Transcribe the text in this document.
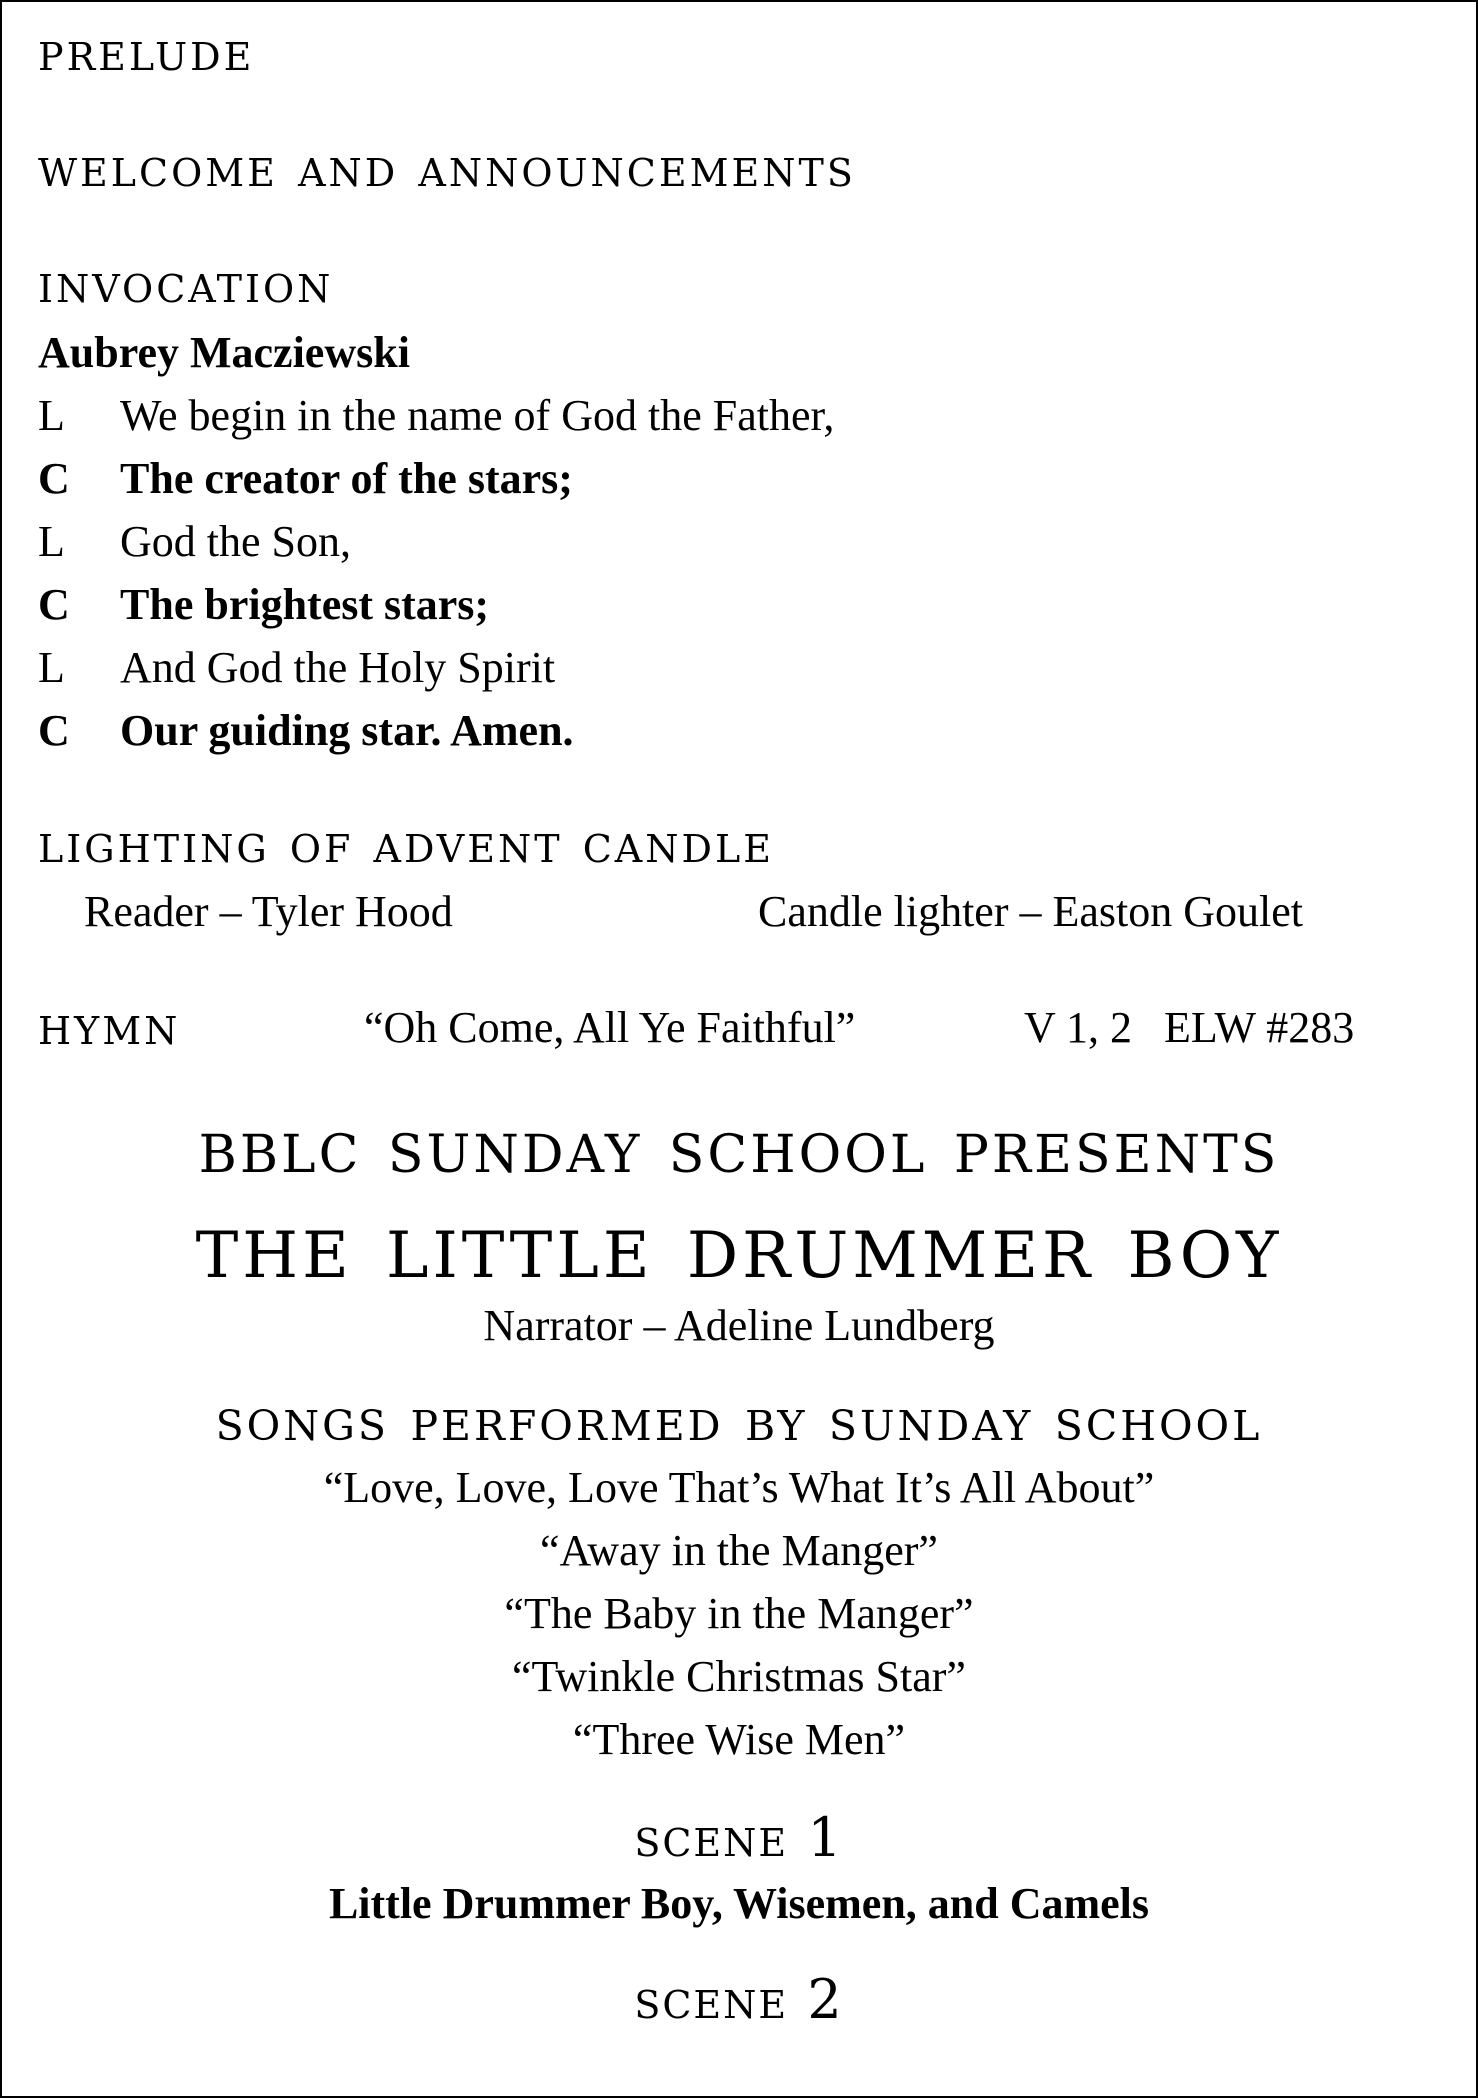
prelude
welcome and announcements
invocation
Aubrey Macziewski
L We begin in the name of God the Father,
C The creator of the stars;
L God the Son,
C The brightest stars;
L And God the Holy Spirit
C Our guiding star. Amen.
lighting of advent candle
Reader – Tyler Hood	Candle lighter – Easton Goulet
hymn	“Oh Come, All Ye Faithful”	V 1, 2 ELW #283
bblc sunday school presents
the little drummer boy
Narrator – Adeline Lundberg
songs performed by sunday school
“Love, Love, Love That’s What It’s All About”
“Away in the Manger”
“The Baby in the Manger”
“Twinkle Christmas Star”
“Three Wise Men”
scene 1
Little Drummer Boy, Wisemen, and Camels
scene 2
